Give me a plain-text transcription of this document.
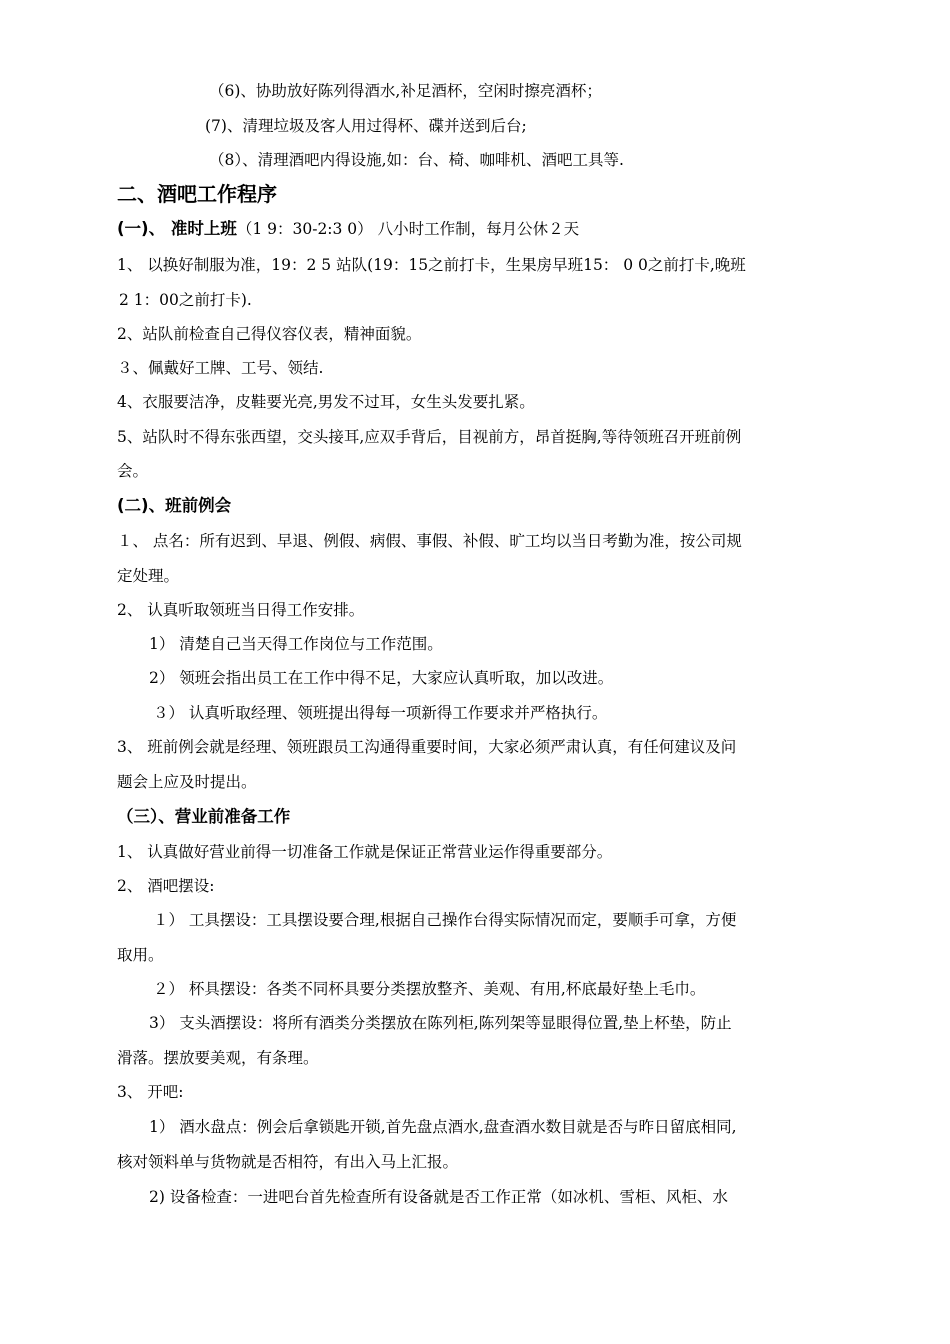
（6)、协助放好陈列得酒水,补足酒杯，空闲时擦亮酒杯；
(7)、清理垃圾及客人用过得杯、碟并送到后台;
（8）、清理酒吧内得设施,如：台、椅、咖啡机、酒吧工具等.
二、酒吧工作程序
(一)、 准时上班（1 9：30-2:3 0） 八小时工作制，每月公休２天
1、 以换好制服为准，19：2 5 站队(19：15之前打卡，生果房早班15： 0 0之前打卡,晚班
2 1：00之前打卡).
2、站队前检查自己得仪容仪表，精神面貌。
３、佩戴好工牌、工号、领结.
4、衣服要洁净，皮鞋要光亮,男发不过耳，女生头发要扎紧。
5、站队时不得东张西望，交头接耳,应双手背后，目视前方，昂首挺胸,等待领班召开班前例
会。
(二)、班前例会
１、 点名：所有迟到、早退、例假、病假、事假、补假、旷工均以当日考勤为准，按公司规
定处理。
2、 认真听取领班当日得工作安排。
1） 清楚自己当天得工作岗位与工作范围。
2） 领班会指出员工在工作中得不足，大家应认真听取，加以改进。
３） 认真听取经理、领班提出得每一项新得工作要求并严格执行。
3、 班前例会就是经理、领班跟员工沟通得重要时间，大家必须严肃认真，有任何建议及问
题会上应及时提出。
（三）、营业前准备工作
1、 认真做好营业前得一切准备工作就是保证正常营业运作得重要部分。
2、 酒吧摆设:
１） 工具摆设：工具摆设要合理,根据自己操作台得实际情况而定，要顺手可拿，方便
取用。
２） 杯具摆设：各类不同杯具要分类摆放整齐、美观、有用,杯底最好垫上毛巾。
3） 支头酒摆设：将所有酒类分类摆放在陈列柜,陈列架等显眼得位置,垫上杯垫，防止
滑落。摆放要美观，有条理。
3、 开吧:
1） 酒水盘点：例会后拿锁匙开锁,首先盘点酒水,盘查酒水数目就是否与昨日留底相同,
核对领料单与货物就是否相符，有出入马上汇报。
2) 设备检查：一进吧台首先检查所有设备就是否工作正常（如冰机、雪柜、风柜、水
